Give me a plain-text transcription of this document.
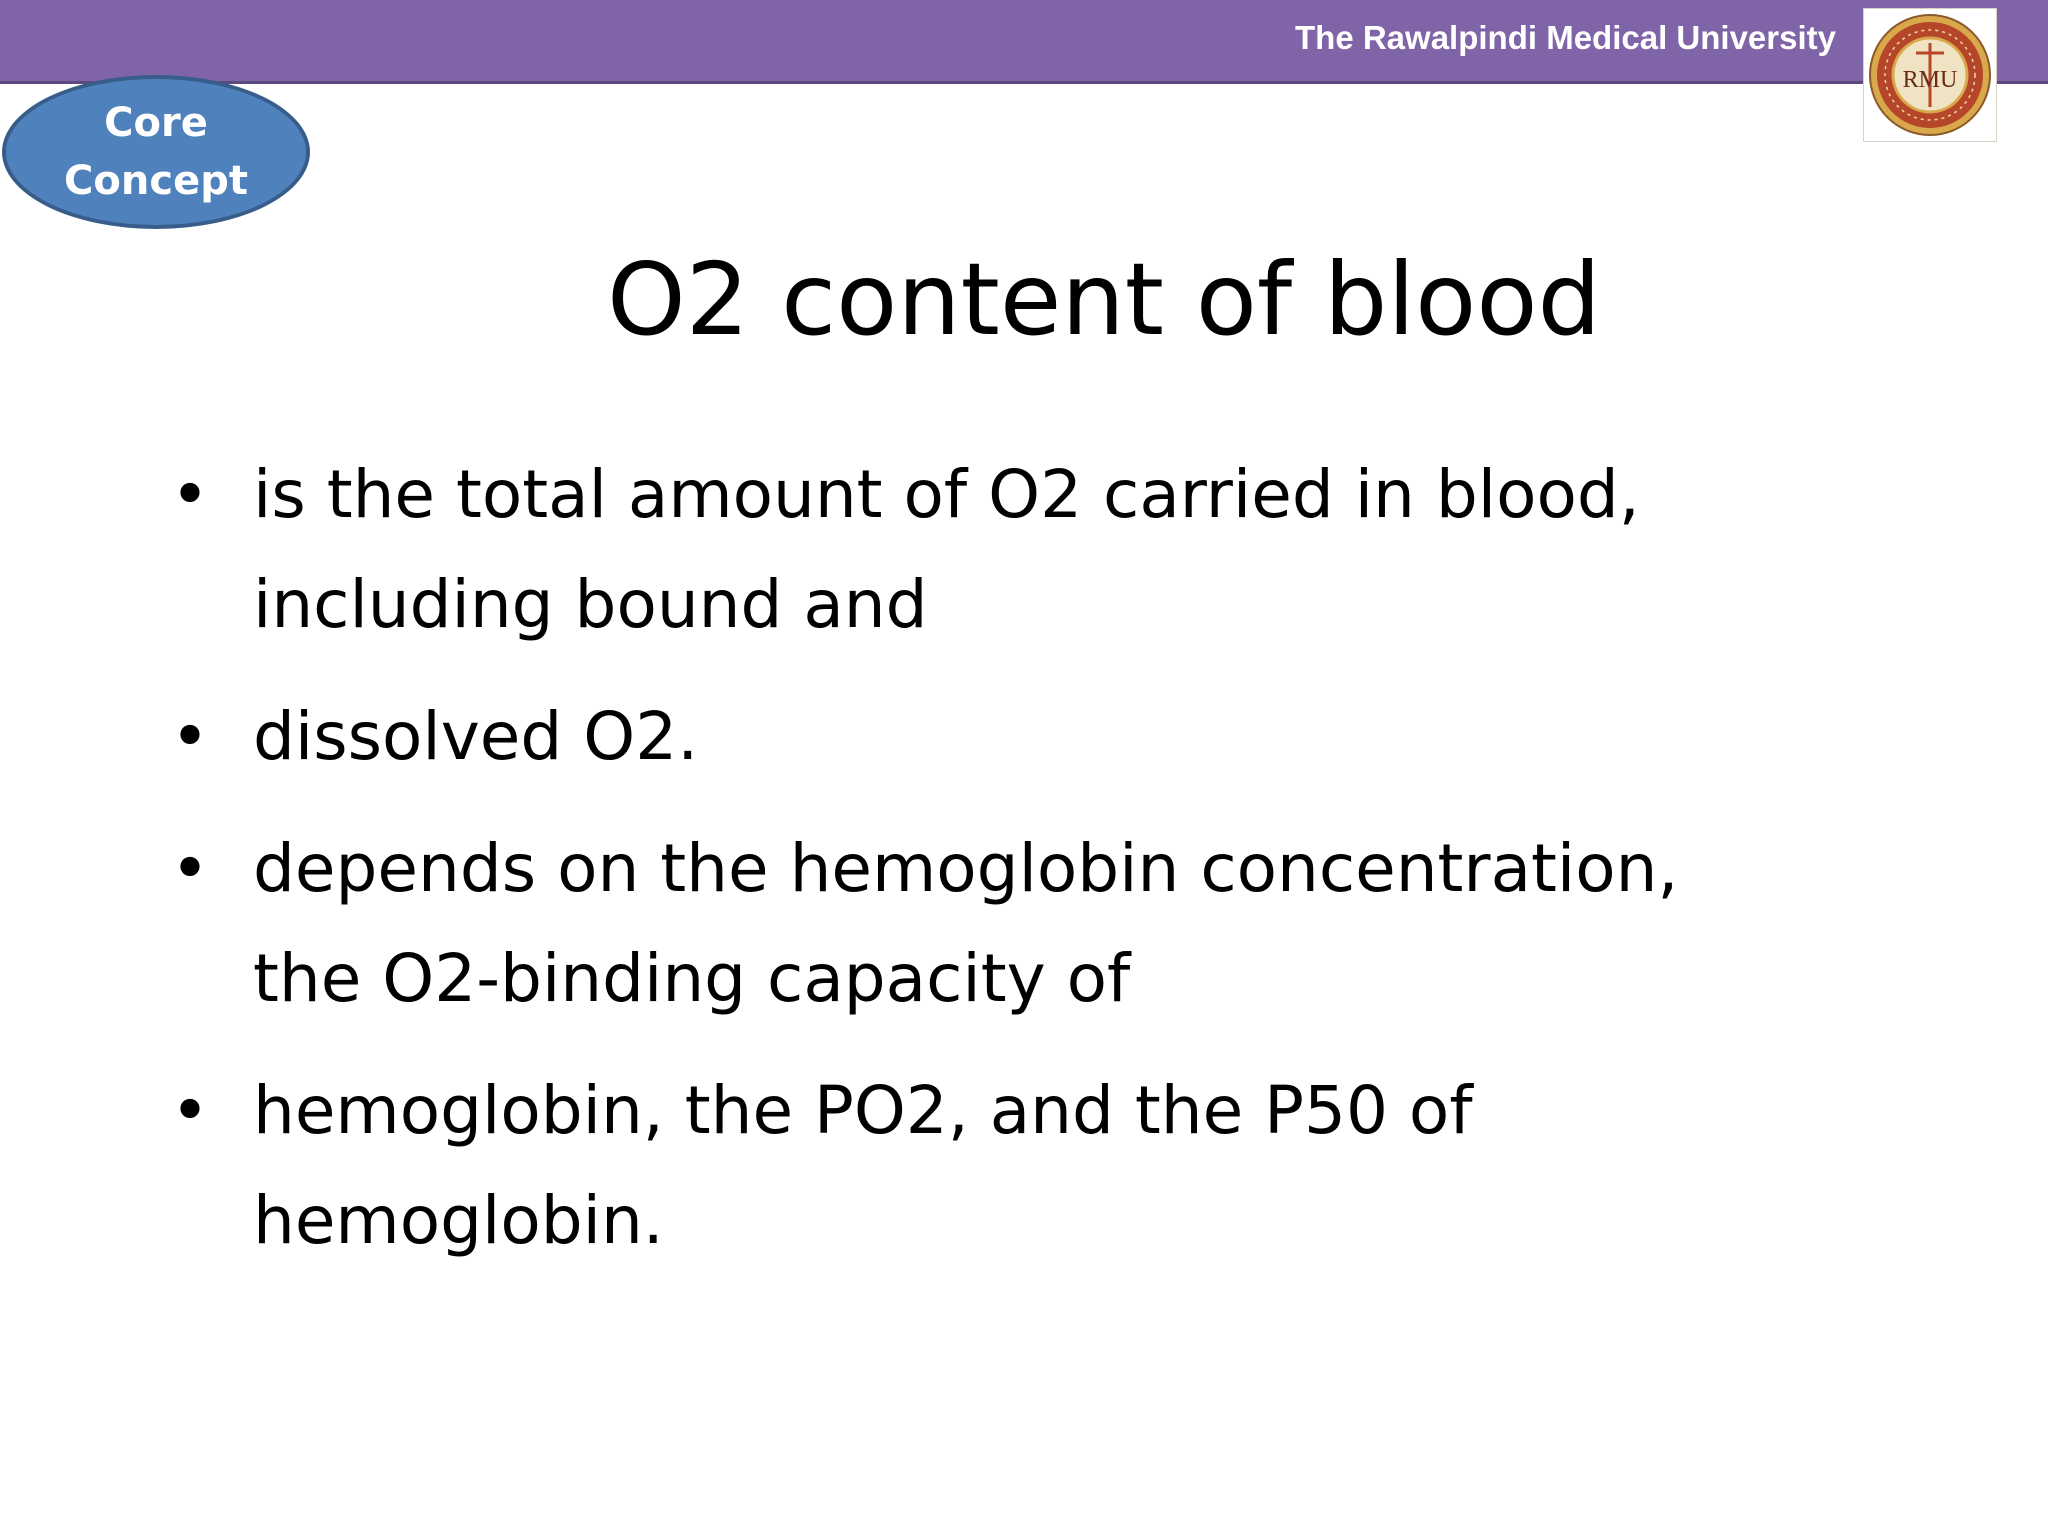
The Rawalpindi Medical University
RMU
Core
Concept
O2 content of blood
• is the total amount of O2 carried in blood,
including bound and
• dissolved O2.
• depends on the hemoglobin concentration,
the O2-binding capacity of
• hemoglobin, the PO2, and the P50 of
hemoglobin.
